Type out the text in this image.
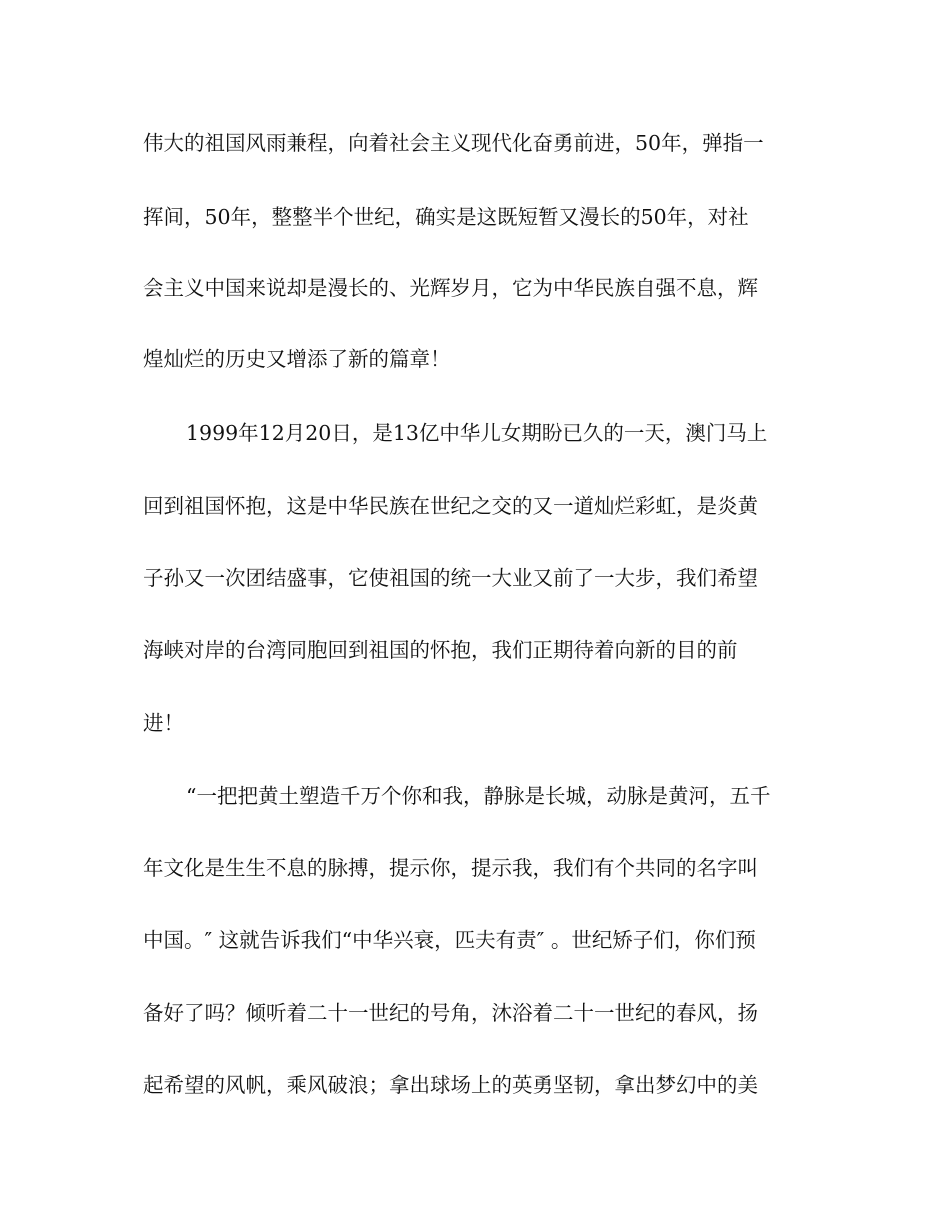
伟大的祖国风雨兼程，向着社会主义现代化奋勇前进，50年，弹指一
挥间，50年，整整半个世纪，确实是这既短暂又漫长的50年，对社
会主义中国来说却是漫长的、光辉岁月，它为中华民族自强不息，辉
煌灿烂的历史又增添了新的篇章！
1999年12月20日，是13亿中华儿女期盼已久的一天，澳门马上
回到祖国怀抱，这是中华民族在世纪之交的又一道灿烂彩虹，是炎黄
子孙又一次团结盛事，它使祖国的统一大业又前了一大步，我们希望
海峡对岸的台湾同胞回到祖国的怀抱，我们正期待着向新的目的前
进！
“一把把黄土塑造千万个你和我，静脉是长城，动脉是黄河，五千
年文化是生生不息的脉搏，提示你，提示我，我们有个共同的名字叫
中国。″ 这就告诉我们“中华兴衰，匹夫有责″ 。世纪矫子们，你们预
备好了吗？倾听着二十一世纪的号角，沐浴着二十一世纪的春风，扬
起希望的风帆，乘风破浪；拿出球场上的英勇坚韧，拿出梦幻中的美
